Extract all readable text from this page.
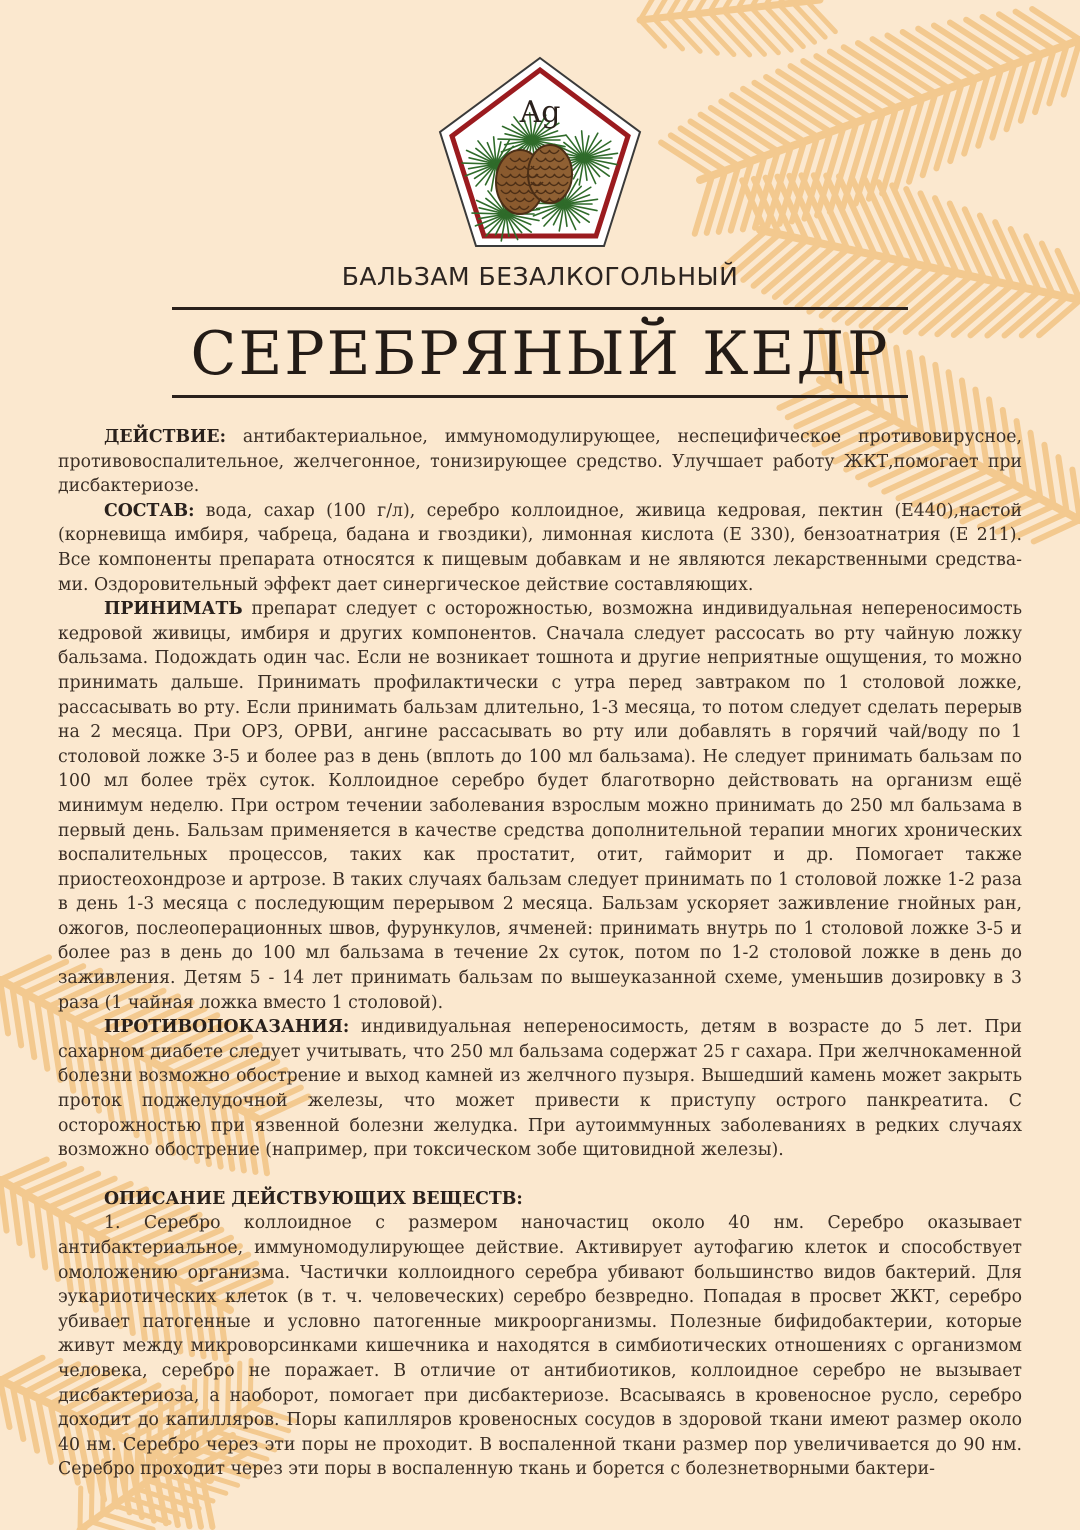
Ag
БАЛЬЗАМ БЕЗАЛКОГОЛЬНЫЙ
СЕРЕБРЯНЫЙ КЕДР

ДЕЙСТВИЕ: антибактериальное, иммуномодулирующее, неспецифическое противовирусное, противовоспалительное, желчегонное, тонизирующее средство. Улучшает работу ЖКТ,помогает при дисбактериозе.

СОСТАВ: вода, сахар (100 г/л), серебро коллоидное, живица кедровая, пектин (Е440),настой (корневища имбиря, чабреца, бадана и гвоздики), лимонная кислота (Е 330), бензоатнатрия (Е 211). Все компоненты препарата относятся к пищевым добавкам и не являются лекарственными средства-ми. Оздоровительный эффект дает синергическое действие составляющих.

ПРИНИМАТЬ препарат следует с осторожностью, возможна индивидуальная непереносимость кедровой живицы, имбиря и других компонентов. Сначала следует рассосать во рту чайную ложку бальзама. Подождать один час. Если не возникает тошнота и другие неприятные ощущения, то можно принимать дальше. Принимать профилактически с утра перед завтраком по 1 столовой ложке, рассасывать во рту. Если принимать бальзам длительно, 1-3 месяца, то потом следует сделать перерыв на 2 месяца. При ОРЗ, ОРВИ, ангине рассасывать во рту или добавлять в горячий чай/воду по 1 столовой ложке 3-5 и более раз в день (вплоть до 100 мл бальзама). Не следует принимать бальзам по 100 мл более трёх суток. Коллоидное серебро будет благотворно действовать на организм ещё минимум неделю. При остром течении заболевания взрослым можно принимать до 250 мл бальзама в первый день. Бальзам применяется в качестве средства дополнительной терапии многих хронических воспалительных процессов, таких как простатит, отит, гайморит и др. Помогает также приостеохондрозе и артрозе. В таких случаях бальзам следует принимать по 1 столовой ложке 1-2 раза в день 1-3 месяца с последующим перерывом 2 месяца. Бальзам ускоряет заживление гнойных ран, ожогов, послеоперационных швов, фурункулов, ячменей: принимать внутрь по 1 столовой ложке 3-5 и более раз в день до 100 мл бальзама в течение 2х суток, потом по 1-2 столовой ложке в день до заживления. Детям 5 - 14 лет принимать бальзам по вышеуказанной схеме, уменьшив дозировку в 3 раза (1 чайная ложка вместо 1 столовой).

ПРОТИВОПОКАЗАНИЯ: индивидуальная непереносимость, детям в возрасте до 5 лет. При сахарном диабете следует учитывать, что 250 мл бальзама содержат 25 г сахара. При желчнокаменной болезни возможно обострение и выход камней из желчного пузыря. Вышедший камень может закрыть проток поджелудочной железы, что может привести к приступу острого панкреатита. С осторожностью при язвенной болезни желудка. При аутоиммунных заболеваниях в редких случаях возможно обострение (например, при токсическом зобе щитовидной железы).

ОПИСАНИЕ ДЕЙСТВУЮЩИХ ВЕЩЕСТВ:

1. Серебро коллоидное с размером наночастиц около 40 нм. Серебро оказывает антибактериальное, иммуномодулирующее действие. Активирует аутофагию клеток и способствует омоложению организма. Частички коллоидного серебра убивают большинство видов бактерий. Для эукариотических клеток (в т. ч. человеческих) серебро безвредно. Попадая в просвет ЖКТ, серебро убивает патогенные и условно патогенные микроорганизмы. Полезные бифидобактерии, которые живут между микроворсинками кишечника и находятся в симбиотических отношениях с организмом человека, серебро не поражает. В отличие от антибиотиков, коллоидное серебро не вызывает дисбактериоза, а наоборот, помогает при дисбактериозе. Всасываясь в кровеносное русло, серебро доходит до капилляров. Поры капилляров кровеносных сосудов в здоровой ткани имеют размер около 40 нм. Серебро через эти поры не проходит. В воспаленной ткани размер пор увеличивается до 90 нм. Серебро проходит через эти поры в воспаленную ткань и борется с болезнетворными бактери-
